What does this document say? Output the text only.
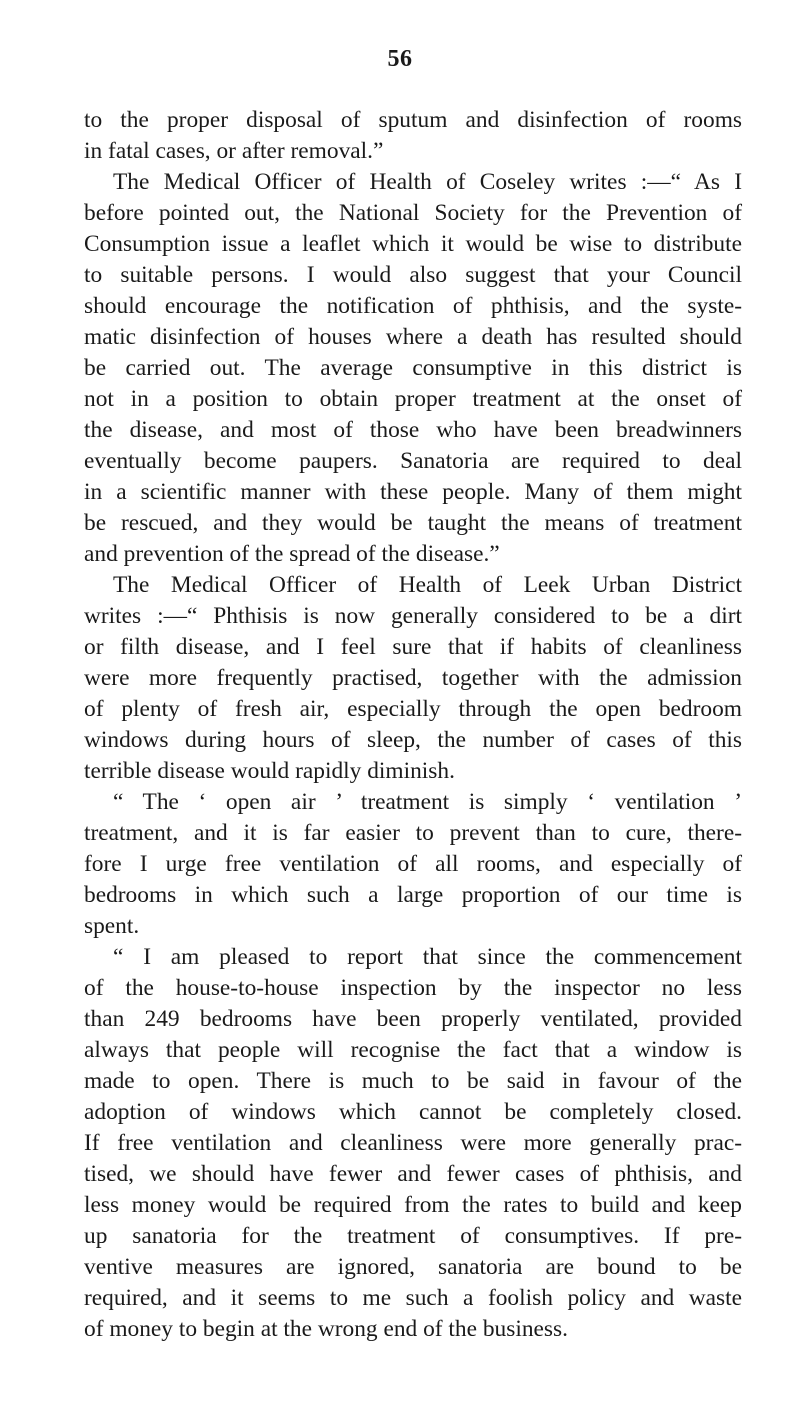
56
to the proper disposal of sputum and disinfection of rooms
in fatal cases, or after removal.”
The Medical Officer of Health of Coseley writes :—“ As I
before pointed out, the National Society for the Prevention of
Consumption issue a leaflet which it would be wise to distribute
to suitable persons. I would also suggest that your Council
should encourage the notification of phthisis, and the syste-
matic disinfection of houses where a death has resulted should
be carried out. The average consumptive in this district is
not in a position to obtain proper treatment at the onset of
the disease, and most of those who have been breadwinners
eventually become paupers. Sanatoria are required to deal
in a scientific manner with these people. Many of them might
be rescued, and they would be taught the means of treatment
and prevention of the spread of the disease.”
The Medical Officer of Health of Leek Urban District
writes :—“ Phthisis is now generally considered to be a dirt
or filth disease, and I feel sure that if habits of cleanliness
were more frequently practised, together with the admission
of plenty of fresh air, especially through the open bedroom
windows during hours of sleep, the number of cases of this
terrible disease would rapidly diminish.
“ The ‘ open air ’ treatment is simply ‘ ventilation ’
treatment, and it is far easier to prevent than to cure, there-
fore I urge free ventilation of all rooms, and especially of
bedrooms in which such a large proportion of our time is
spent.
“ I am pleased to report that since the commencement
of the house-to-house inspection by the inspector no less
than 249 bedrooms have been properly ventilated, provided
always that people will recognise the fact that a window is
made to open. There is much to be said in favour of the
adoption of windows which cannot be completely closed.
If free ventilation and cleanliness were more generally prac-
tised, we should have fewer and fewer cases of phthisis, and
less money would be required from the rates to build and keep
up sanatoria for the treatment of consumptives. If pre-
ventive measures are ignored, sanatoria are bound to be
required, and it seems to me such a foolish policy and waste
of money to begin at the wrong end of the business.
